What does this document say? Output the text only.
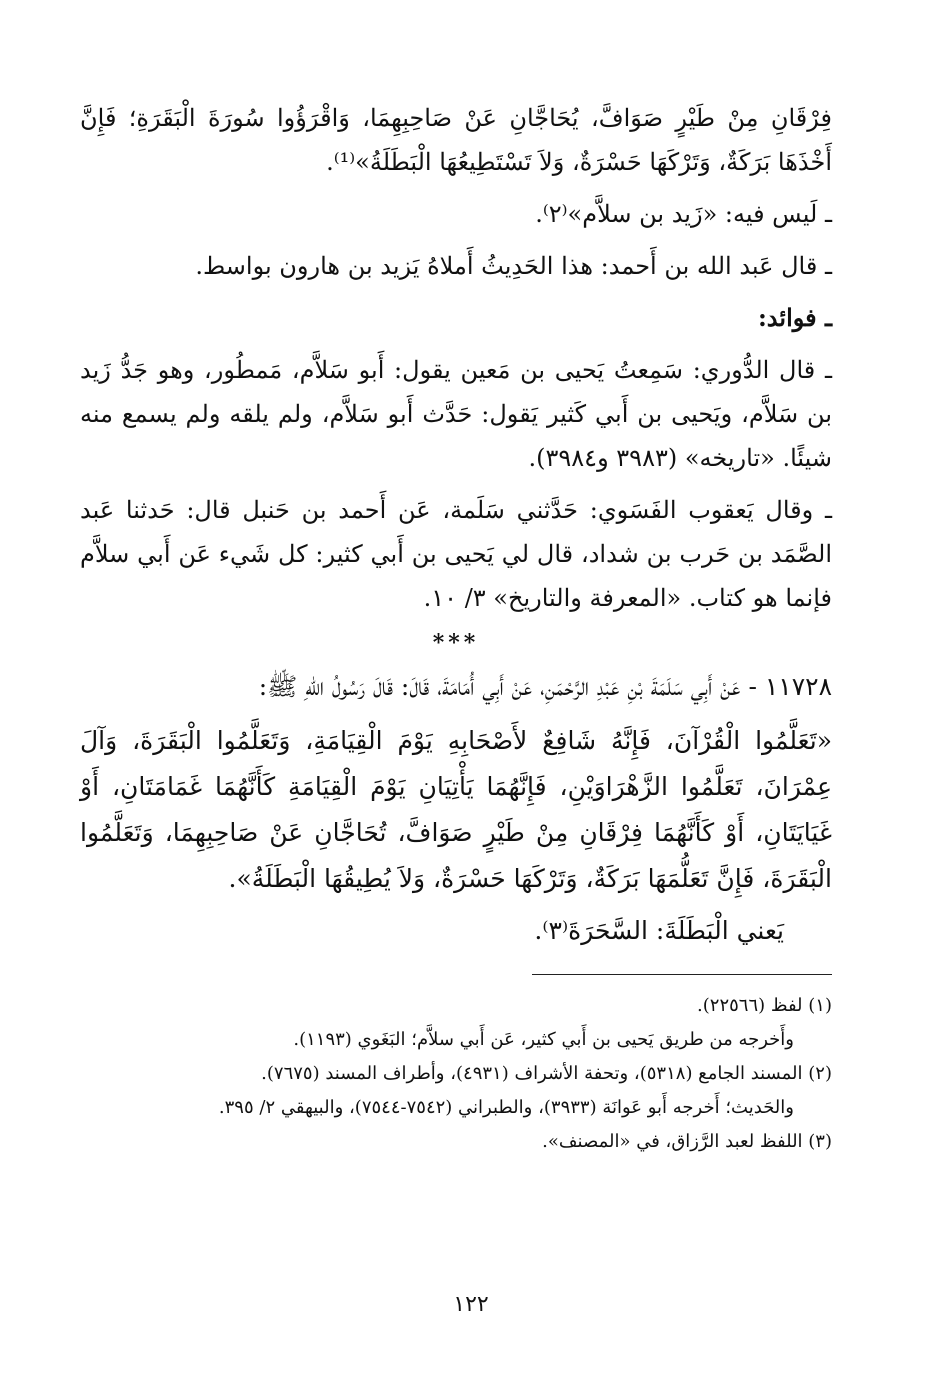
فِرْقَانِ مِنْ طَيْرٍ صَوَافَّ، يُحَاجَّانِ عَنْ صَاحِبِهِمَا، وَاقْرَؤُوا سُورَةَ الْبَقَرَةِ؛ فَإِنَّ أَخْذَهَا بَرَكَةٌ، وَتَرْكَهَا حَسْرَةٌ، وَلاَ تَسْتَطِيعُهَا الْبَطَلَةُ»⁽¹⁾.

ـ لَيس فيه: «زَيد بن سلاَّم»⁽٢⁾.

ـ قال عَبد الله بن أَحمد: هذا الحَدِيثُ أَملاهُ يَزيد بن هارون بواسط.

ـ فوائد:

ـ قال الدُّوري: سَمِعتُ يَحيى بن مَعين يقول: أَبو سَلاَّم، مَمطُور، وهو جَدُّ زَيد بن سَلاَّم، ويَحيى بن أَبي كَثير يَقول: حَدَّث أَبو سَلاَّم، ولم يلقه ولم يسمع منه شيئًا. «تاريخه» (٣٩٨٣ و٣٩٨٤).

ـ وقال يَعقوب الفَسَوي: حَدَّثني سَلَمة، عَن أَحمد بن حَنبل قال: حَدثنا عَبد الصَّمَد بن حَرب بن شداد، قال لي يَحيى بن أَبي كثير: كل شَيء عَن أَبي سلاَّم فإنما هو كتاب. «المعرفة والتاريخ» ٣/ ١٠.

***

١١٧٢٨ - عَنْ أَبِي سَلَمَةَ بْنِ عَبْدِ الرَّحْمَنِ، عَنْ أَبِي أُمَامَةَ، قَالَ: قَالَ رَسُولُ اللهِ ﷺ:

«تَعَلَّمُوا الْقُرْآنَ، فَإِنَّهُ شَافِعٌ لأَصْحَابِهِ يَوْمَ الْقِيَامَةِ، وَتَعَلَّمُوا الْبَقَرَةَ، وَآلَ عِمْرَانَ، تَعَلَّمُوا الزَّهْرَاوَيْنِ، فَإِنَّهُمَا يَأْتِيَانِ يَوْمَ الْقِيَامَةِ كَأَنَّهُمَا غَمَامَتَانِ، أَوْ غَيَايَتَانِ، أَوْ كَأَنَّهُمَا فِرْقَانِ مِنْ طَيْرٍ صَوَافَّ، تُحَاجَّانِ عَنْ صَاحِبِهِمَا، وَتَعَلَّمُوا الْبَقَرَةَ، فَإِنَّ تَعَلُّمَهَا بَرَكَةٌ، وَتَرْكَهَا حَسْرَةٌ، وَلاَ يُطِيقُهَا الْبَطَلَةُ».

يَعني الْبَطَلَةَ: السَّحَرَةَ⁽٣⁾.

(١) لفظ (٢٢٥٦٦).

وأَخرجه من طريق يَحيى بن أَبي كثير، عَن أَبي سلاَّم؛ البَغَوي (١١٩٣).

(٢) المسند الجامع (٥٣١٨)، وتحفة الأشراف (٤٩٣١)، وأطراف المسند (٧٦٧٥).

والحَديث؛ أَخرجه أَبو عَوانَة (٣٩٣٣)، والطبراني (٧٥٤٢-٧٥٤٤)، والبيهقي ٢/ ٣٩٥.

(٣) اللفظ لعبد الرَّزاق، في «المصنف».

١٢٢
